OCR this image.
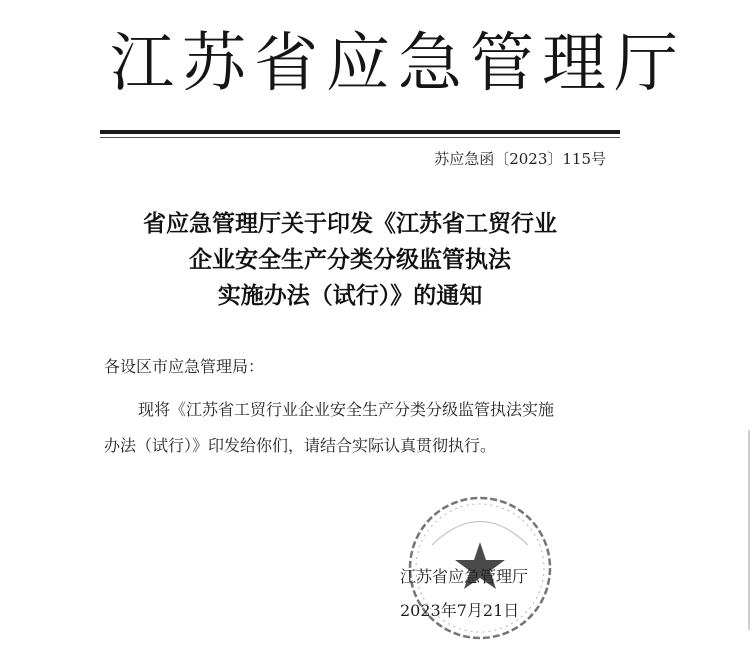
江苏省应急管理厅
苏应急函〔2023〕115号
省应急管理厅关于印发《江苏省工贸行业
企业安全生产分类分级监管执法
实施办法（试行）》的通知
各设区市应急管理局：
现将《江苏省工贸行业企业安全生产分类分级监管执法实施
办法（试行）》印发给你们，请结合实际认真贯彻执行。
江苏省应急管理厅
2023年7月21日
